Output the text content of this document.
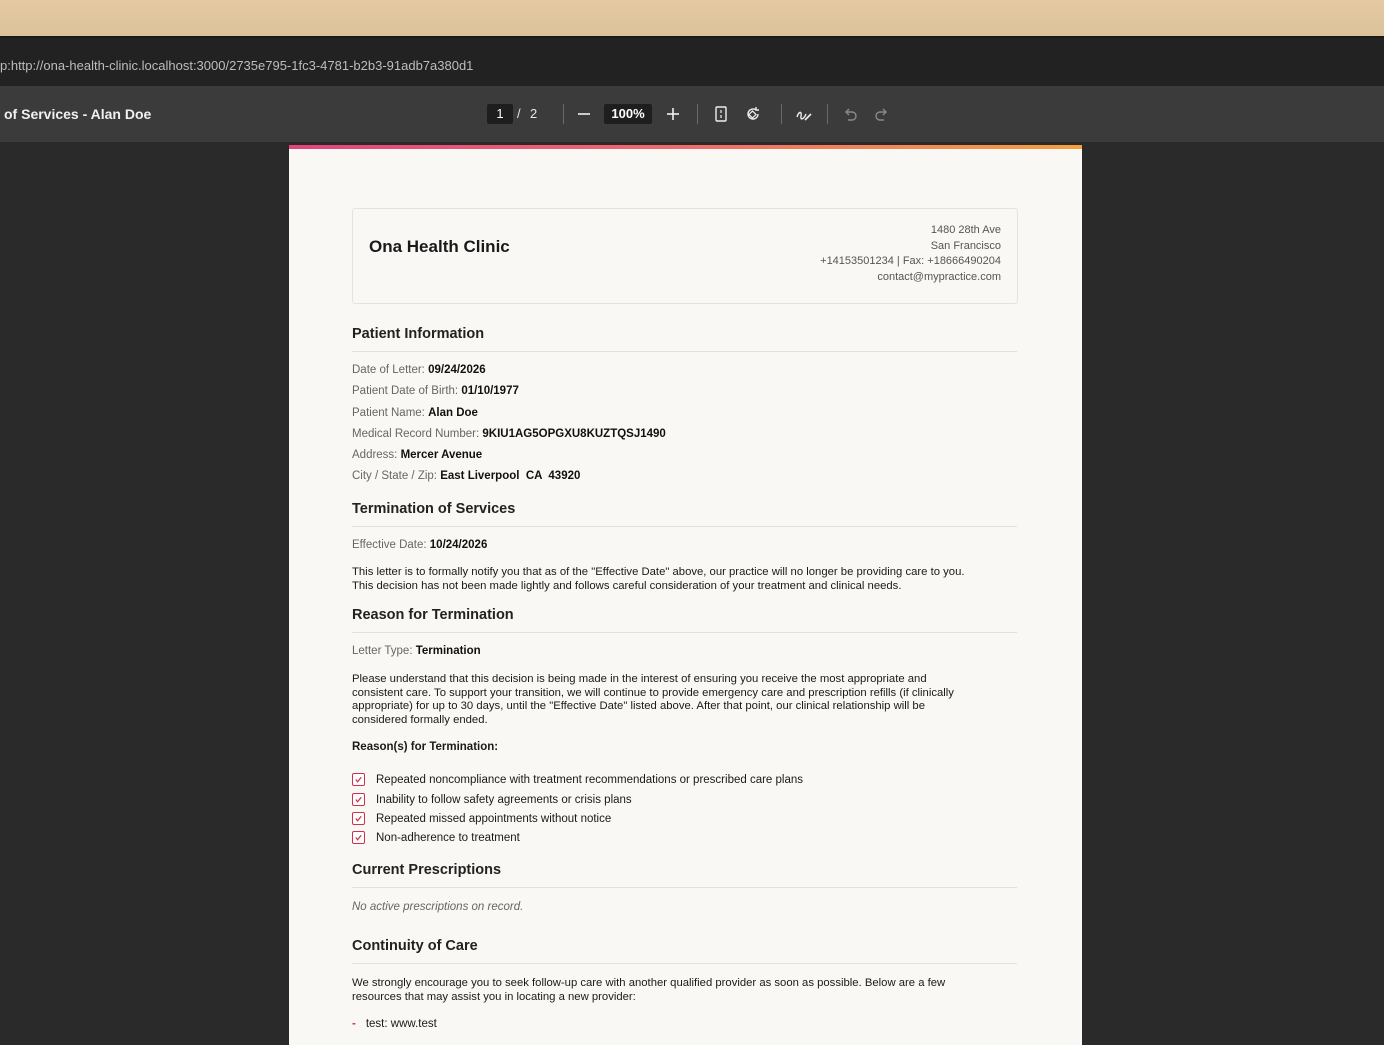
p:http://ona-health-clinic.localhost:3000/2735e795-1fc3-4781-b2b3-91adb7a380d1
of Services - Alan Doe	1	/ 2	100%
Ona Health Clinic
1480 28th Ave
San Francisco
+14153501234 | Fax: +18666490204
contact@mypractice.com
Patient Information
Date of Letter: 09/24/2026
Patient Date of Birth: 01/10/1977
Patient Name: Alan Doe
Medical Record Number: 9KIU1AG5OPGXU8KUZTQSJ1490
Address: Mercer Avenue
City / State / Zip: East Liverpool  CA  43920
Termination of Services
Effective Date: 10/24/2026
This letter is to formally notify you that as of the "Effective Date" above, our practice will no longer be providing care to you.
This decision has not been made lightly and follows careful consideration of your treatment and clinical needs.
Reason for Termination
Letter Type: Termination
Please understand that this decision is being made in the interest of ensuring you receive the most appropriate and
consistent care. To support your transition, we will continue to provide emergency care and prescription refills (if clinically
appropriate) for up to 30 days, until the "Effective Date" listed above. After that point, our clinical relationship will be
considered formally ended.
Reason(s) for Termination:
Repeated noncompliance with treatment recommendations or prescribed care plans
Inability to follow safety agreements or crisis plans
Repeated missed appointments without notice
Non-adherence to treatment
Current Prescriptions
No active prescriptions on record.
Continuity of Care
We strongly encourage you to seek follow-up care with another qualified provider as soon as possible. Below are a few
resources that may assist you in locating a new provider:
- test: www.test
